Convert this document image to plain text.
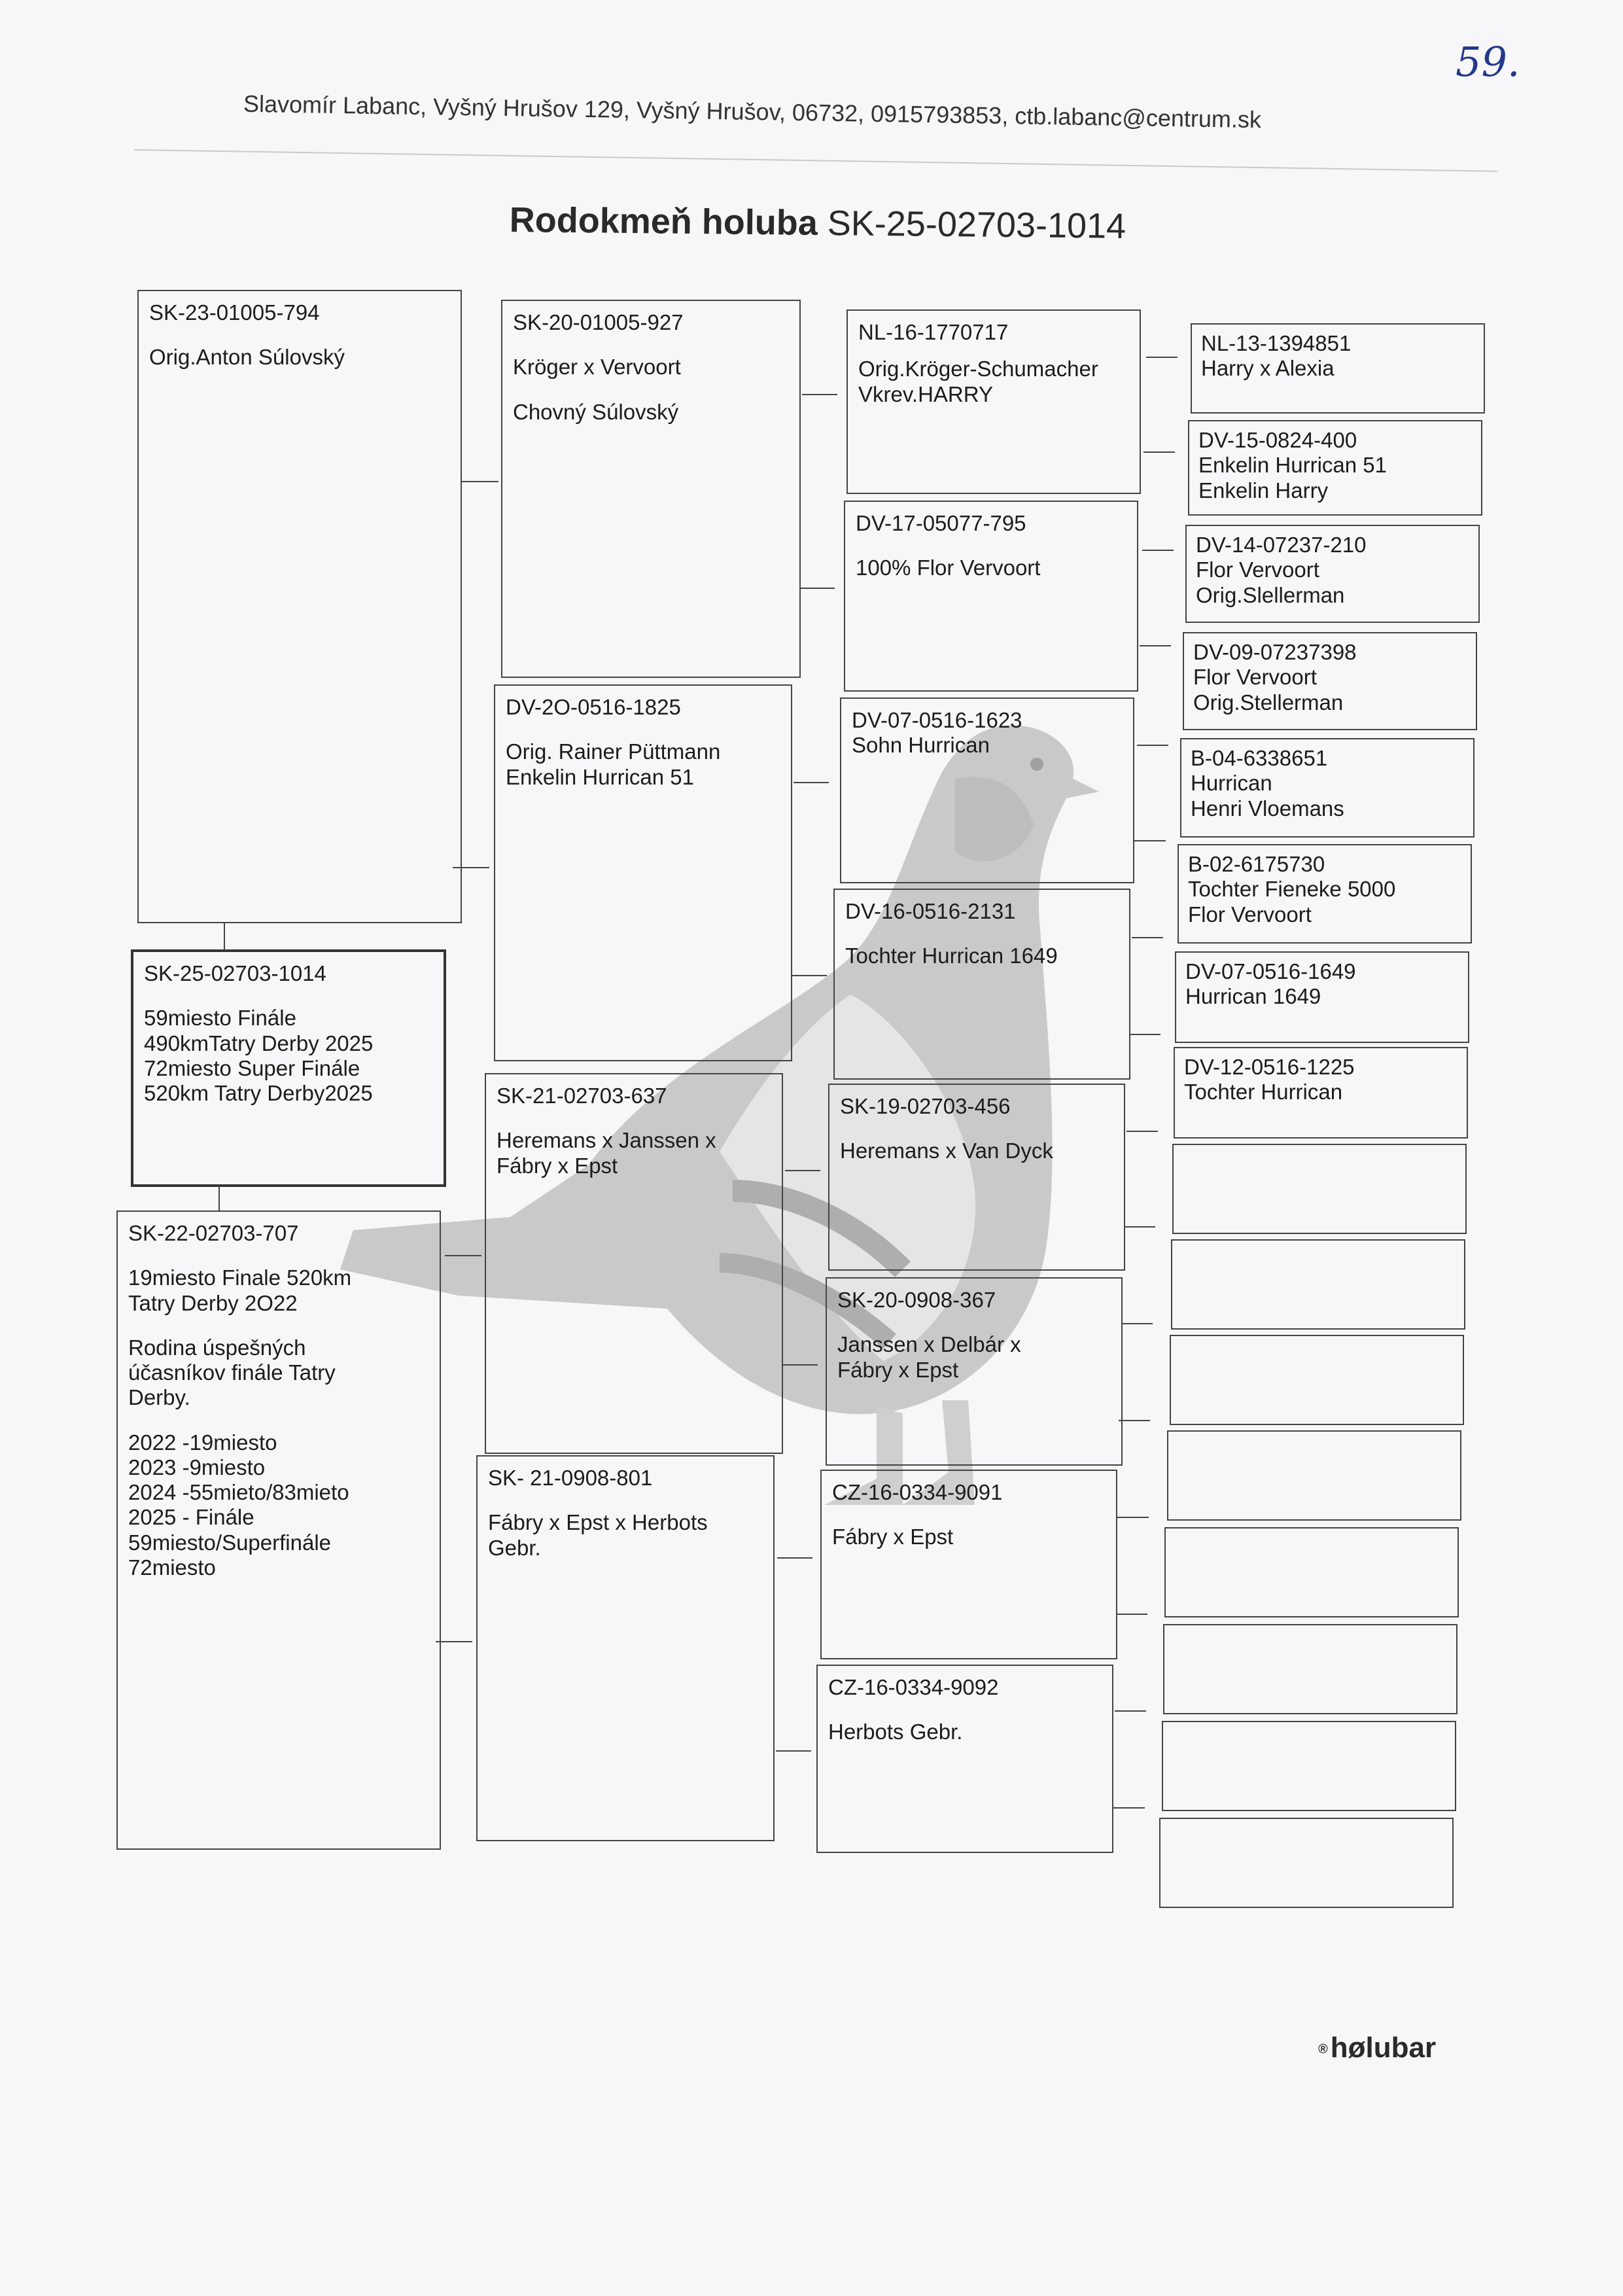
59.
Slavomír Labanc, Vyšný Hrušov 129, Vyšný Hrušov, 06732, 0915793853, ctb.labanc@centrum.sk
Rodokmeň holuba SK-25-02703-1014

SK-23-01005-794

Orig.Anton Súlovský

SK-25-02703-1014

59miesto Finále

490kmTatry Derby 2025

72miesto Super Finále

520km Tatry Derby2025

SK-22-02703-707

19miesto Finale 520km

Tatry Derby 2O22

Rodina úspešných

účasníkov finále Tatry

Derby.

2022 -19miesto

2023 -9miesto

2024 -55mieto/83mieto

2025 - Finále

59miesto/Superfinále

72miesto

SK-20-01005-927

Kröger x Vervoort

Chovný Súlovský

DV-2O-0516-1825

Orig. Rainer Püttmann

Enkelin Hurrican 51

SK-21-02703-637

Heremans x Janssen x

Fábry x Epst

SK- 21-0908-801

Fábry x Epst x Herbots

Gebr.

NL-16-1770717

Orig.Kröger-Schumacher

Vkrev.HARRY

DV-17-05077-795

100% Flor Vervoort

DV-07-0516-1623

Sohn Hurrican

DV-16-0516-2131

Tochter Hurrican 1649

SK-19-02703-456

Heremans x Van Dyck

SK-20-0908-367

Janssen x Delbár x

Fábry x Epst

CZ-16-0334-9091

Fábry x Epst

CZ-16-0334-9092

Herbots Gebr.

NL-13-1394851

Harry x Alexia

DV-15-0824-400

Enkelin Hurrican 51

Enkelin Harry

DV-14-07237-210

Flor Vervoort

Orig.Slellerman

DV-09-07237398

Flor Vervoort

Orig.Stellerman

B-04-6338651

Hurrican

Henri Vloemans

B-02-6175730

Tochter Fieneke 5000

Flor Vervoort

DV-07-0516-1649

Hurrican 1649

DV-12-0516-1225

Tochter Hurrican

®hølubar
